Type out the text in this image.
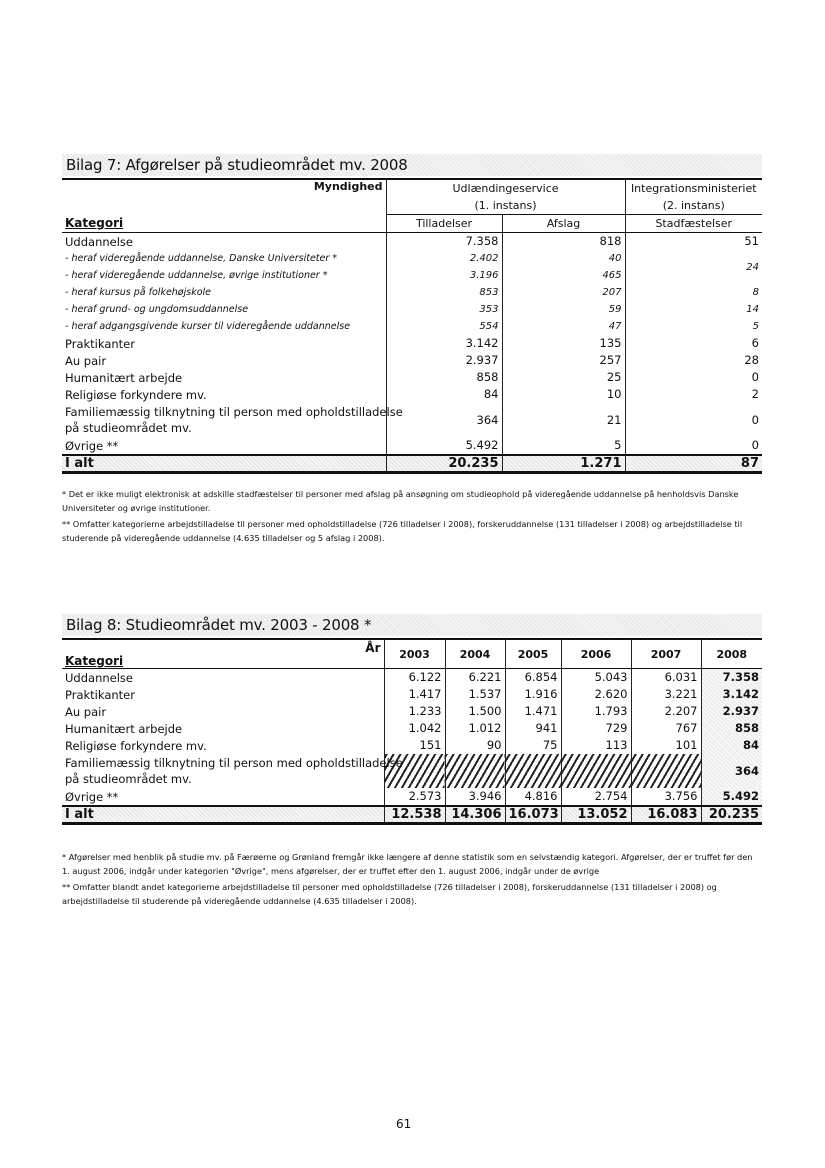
Bilag 7: Afgørelser på studieområdet mv. 2008
Myndighed	Udlændingeservice		Integrationsministeriet
	(1. instans)		(2. instans)
Kategori	Tilladelser	Afslag	Stadfæstelser
Uddannelse	7.358	818	51
- heraf videregående uddannelse, Danske Universiteter *	2.402	40	24
- heraf videregående uddannelse, øvrige institutioner *	3.196	465	
- heraf kursus på folkehøjskole	853	207	8
- heraf grund- og ungdomsuddannelse	353	59	14
- heraf adgangsgivende kurser til videregående uddannelse	554	47	5
Praktikanter	3.142	135	6
Au pair	2.937	257	28
Humanitært arbejde	858	25	0
Religiøse forkyndere mv.	84	10	2
Familiemæssig tilknytning til person med opholdstilladelse
på studieområdet mv.	364	21	0
Øvrige **	5.492	5	0
I alt	20.235	1.271	87
* Det er ikke muligt elektronisk at adskille stadfæstelser til personer med afslag på ansøgning om studieophold på videregående uddannelse på henholdsvis Danske Universiteter og øvrige institutioner.
** Omfatter kategorierne arbejdstilladelse til personer med opholdstilladelse (726 tilladelser i 2008), forskeruddannelse (131 tilladelser i 2008) og arbejdstilladelse til studerende på videregående uddannelse (4.635 tilladelser og 5 afslag i 2008).
Bilag 8: Studieområdet mv. 2003 - 2008 *
År
Kategori	2003	2004	2005	2006	2007	2008
Uddannelse	6.122	6.221	6.854	5.043	6.031	7.358
Praktikanter	1.417	1.537	1.916	2.620	3.221	3.142
Au pair	1.233	1.500	1.471	1.793	2.207	2.937
Humanitært arbejde	1.042	1.012	941	729	767	858
Religiøse forkyndere mv.	151	90	75	113	101	84
Familiemæssig tilknytning til person med opholdstilladelse
på studieområdet mv.						364
Øvrige **	2.573	3.946	4.816	2.754	3.756	5.492
I alt	12.538	14.306	16.073	13.052	16.083	20.235
* Afgørelser med henblik på studie mv. på Færøerne og Grønland fremgår ikke længere af denne statistik som en selvstændig kategori. Afgørelser, der er truffet før den 1. august 2006, indgår under kategorien "Øvrige", mens afgørelser, der er truffet efter den 1. august 2006, indgår under de øvrige
** Omfatter blandt andet kategorierne arbejdstilladelse til personer med opholdstilladelse (726 tilladelser i 2008), forskeruddannelse (131 tilladelser i 2008) og arbejdstilladelse til studerende på videregående uddannelse (4.635 tilladelser i 2008).
61
